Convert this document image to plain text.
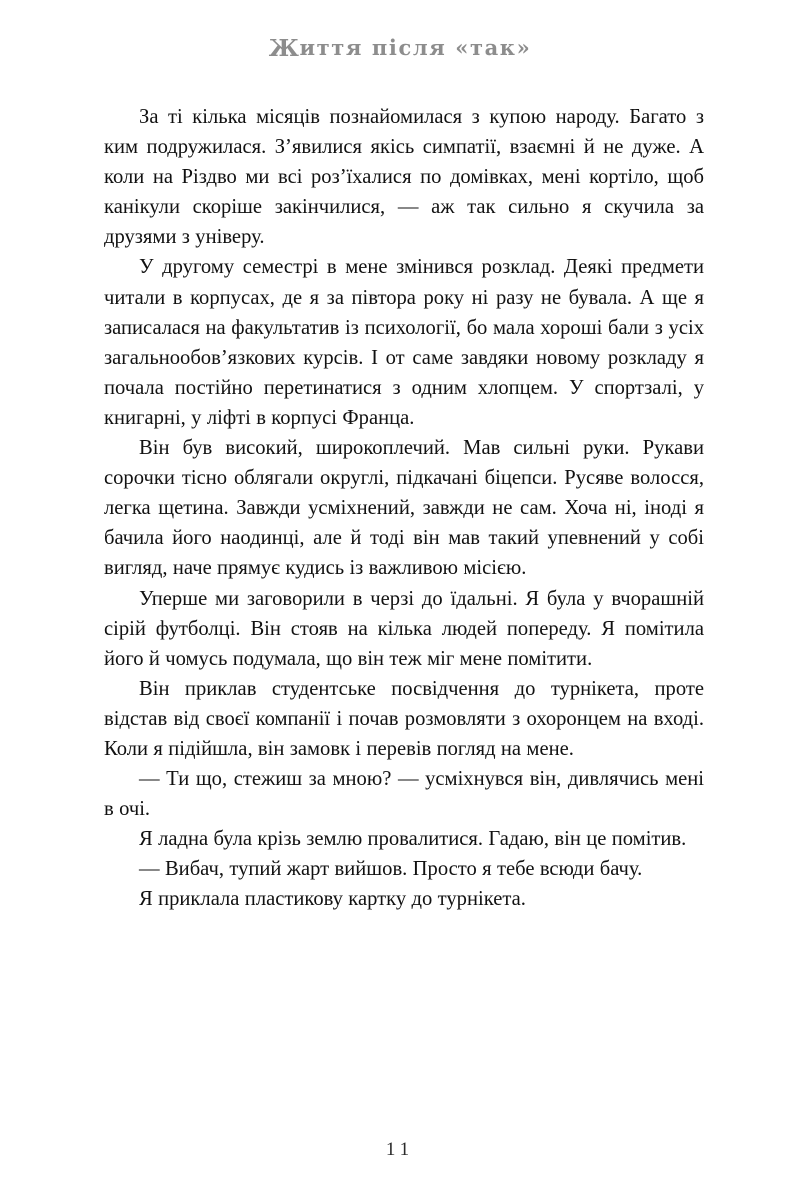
Життя після «так»

За ті кілька місяців познайомилася з купою народу. Багато з ким подружилася. З’явилися якісь симпатії, взаємні й не дуже. А коли на Різдво ми всі роз’їхалися по домівках, мені кортіло, щоб канікули скоріше закінчилися, — аж так сильно я скучила за друзями з універу.

У другому семестрі в мене змінився розклад. Деякі предмети читали в корпусах, де я за півтора року ні разу не бувала. А ще я записалася на факультатив із психології, бо мала хороші бали з усіх загальнообов’язкових курсів. І от саме завдяки новому розкладу я почала постійно перетинатися з одним хлопцем. У спортзалі, у книгарні, у ліфті в корпусі Франца.

Він був високий, широкоплечий. Мав сильні руки. Рукави сорочки тісно облягали округлі, підкачані біцепси. Русяве волосся, легка щетина. Завжди усміхнений, завжди не сам. Хоча ні, іноді я бачила його наодинці, але й тоді він мав такий упевнений у собі вигляд, наче прямує кудись із важливою місією.

Уперше ми заговорили в черзі до їдальні. Я була у вчорашній сірій футболці. Він стояв на кілька людей попереду. Я помітила його й чомусь подумала, що він теж міг мене помітити.

Він приклав студентське посвідчення до турнікета, проте відстав від своєї компанії і почав розмовляти з охоронцем на вході. Коли я підійшла, він замовк і перевів погляд на мене.

— Ти що, стежиш за мною? — усміхнувся він, дивлячись мені в очі.

Я ладна була крізь землю провалитися. Гадаю, він це помітив.

— Вибач, тупий жарт вийшов. Просто я тебе всюди бачу.

Я приклала пластикову картку до турнікета.

11
